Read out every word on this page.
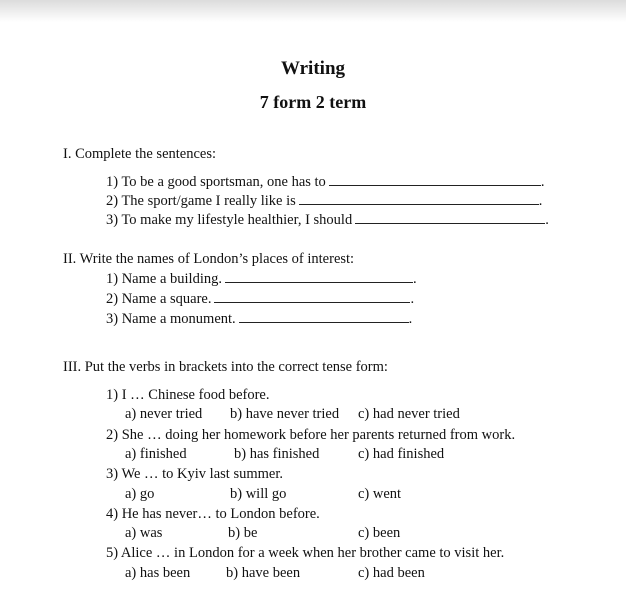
Writing
7 form 2 term
I. Complete the sentences:
1) To be a good sportsman, one has to	.
2) The sport/game I really like is	.
3) To make my lifestyle healthier, I should	.
II. Write the names of London’s places of interest:
1) Name a building.	.
2) Name a square.	.
3) Name a monument.	.
III. Put the verbs in brackets into the correct tense form:
1) I … Chinese food before.
a) never tried b) have never tried c) had never tried
2) She … doing her homework before her parents returned from work.
a) finished	b) has finished	c) had finished
3) We … to Kyiv last summer.
a) go	b) will go	c) went
4) He has never… to London before.
a) was	b) be	c) been
5) Alice … in London for a week when her brother came to visit her.
a) has been b) have been	c) had been
